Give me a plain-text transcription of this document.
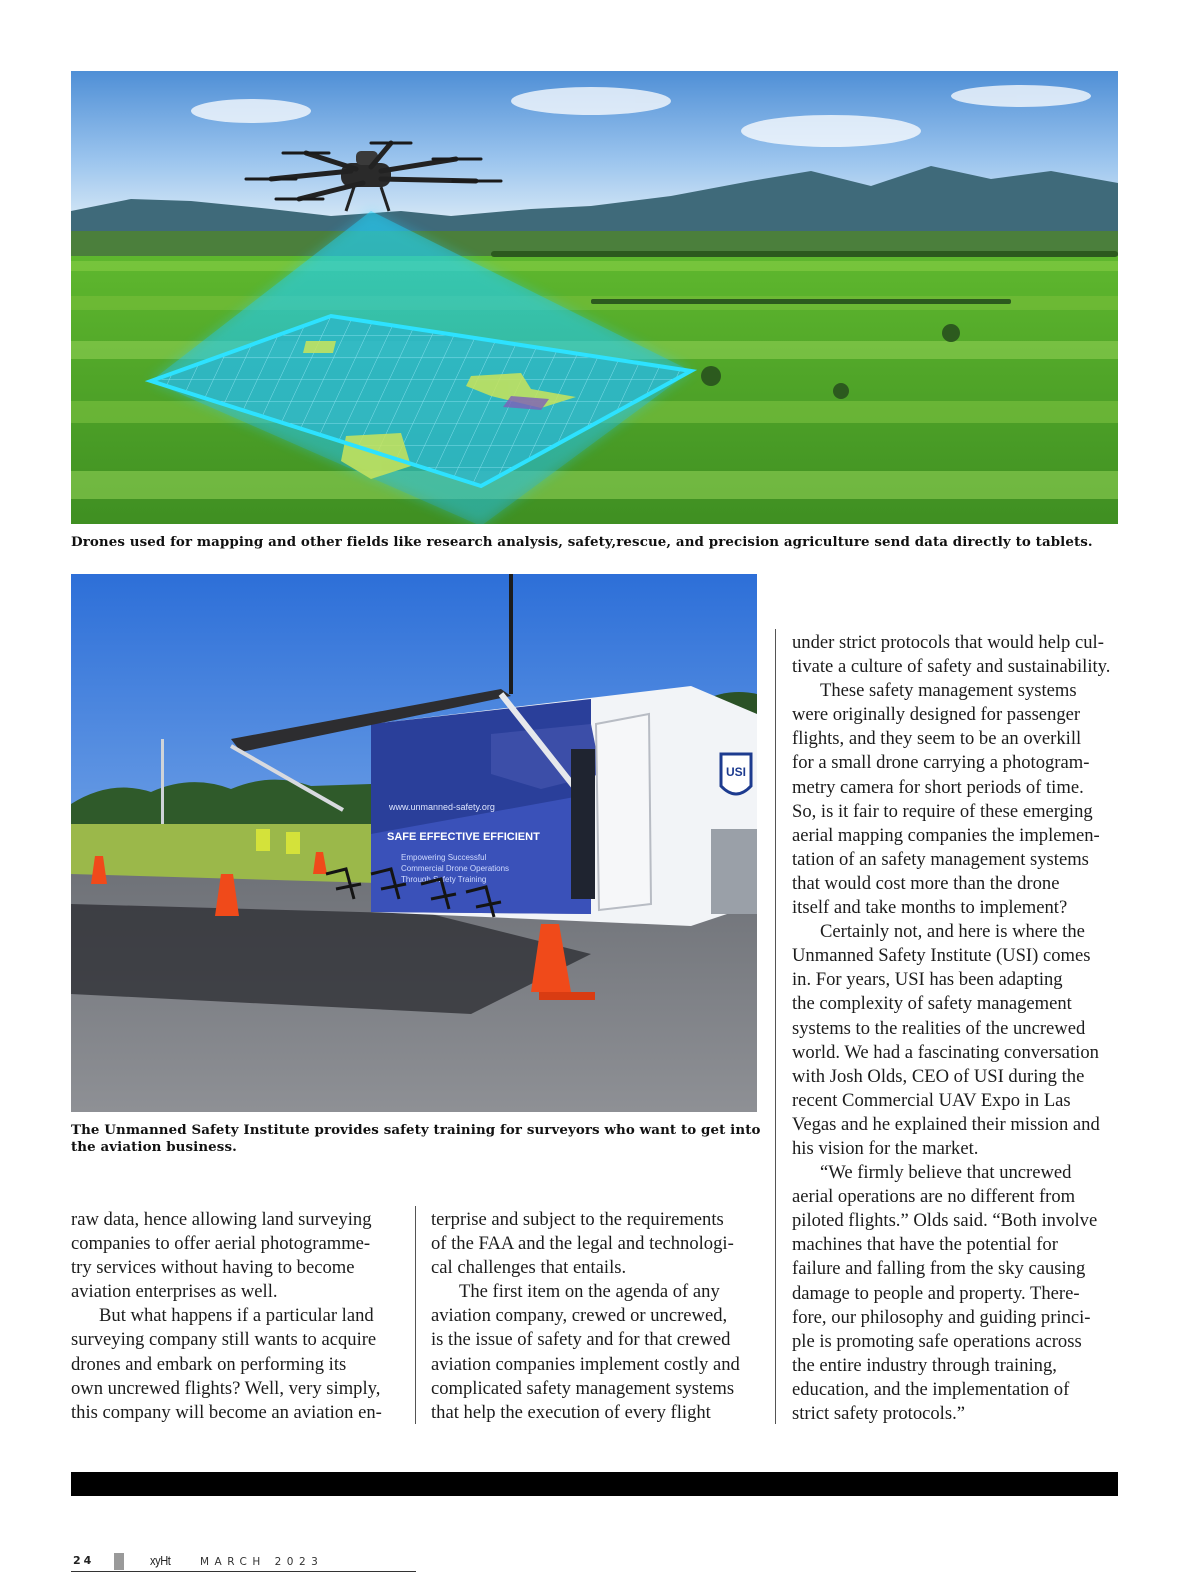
Drones used for mapping and other fields like research analysis, safety,rescue, and precision agriculture send data directly to tablets.
USI
www.unmanned-safety.org
SAFE EFFECTIVE EFFICIENT
Empowering Successful
Commercial Drone Operations
Through Safety Training
The Unmanned Safety Institute provides safety training for surveyors who want to get into
the aviation business.

raw data, hence allowing land surveying
companies to offer aerial photogramme-
try services without having to become
aviation enterprises as well.

But what happens if a particular land
surveying company still wants to acquire
drones and embark on performing its
own uncrewed flights? Well, very simply,
this company will become an aviation en-

terprise and subject to the requirements
of the FAA and the legal and technologi-
cal challenges that entails.

The first item on the agenda of any
aviation company, crewed or uncrewed,
is the issue of safety and for that crewed
aviation companies implement costly and
complicated safety management systems
that help the execution of every flight

under strict protocols that would help cul-
tivate a culture of safety and sustainability.

These safety management systems
were originally designed for passenger
flights, and they seem to be an overkill
for a small drone carrying a photogram-
metry camera for short periods of time.
So, is it fair to require of these emerging
aerial mapping companies the implemen-
tation of an safety management systems
that would cost more than the drone
itself and take months to implement?

Certainly not, and here is where the
Unmanned Safety Institute (USI) comes
in. For years, USI has been adapting
the complexity of safety management
systems to the realities of the uncrewed
world. We had a fascinating conversation
with Josh Olds, CEO of USI during the
recent Commercial UAV Expo in Las
Vegas and he explained their mission and
his vision for the market.

“We firmly believe that uncrewed
aerial operations are no different from
piloted flights.” Olds said. “Both involve
machines that have the potential for
failure and falling from the sky causing
damage to people and property. There-
fore, our philosophy and guiding princi-
ple is promoting safe operations across
the entire industry through training,
education, and the implementation of
strict safety protocols.”

24	xyHt	MARCH 2023
